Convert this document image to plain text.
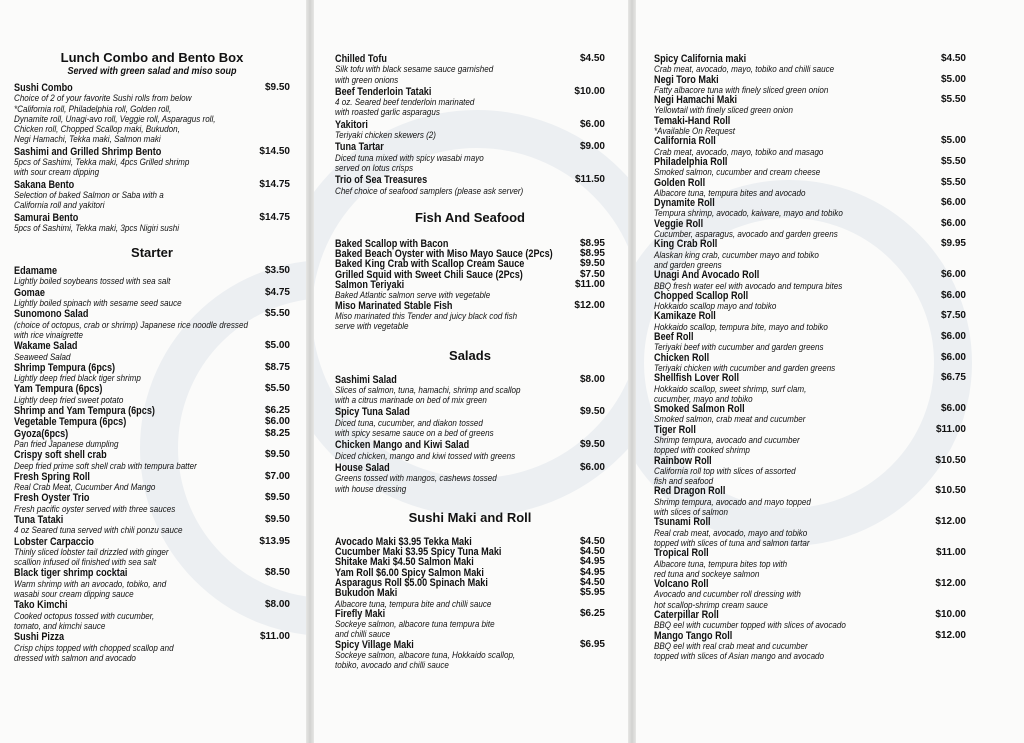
Lunch Combo and Bento Box
Served with green salad and miso soup
Sushi Combo	$9.50
Choice of 2 of your favorite Sushi rolls from below
*California roll, Philadelphia roll, Golden roll,
Dynamite roll, Unagi-avo roll, Veggie roll, Asparagus roll,
Chicken roll, Chopped Scallop maki, Bukudon,
Negi Hamachi, Tekka maki, Salmon maki
Sashimi and Grilled Shrimp Bento	$14.50
5pcs of Sashimi, Tekka maki, 4pcs Grilled shrimp
with sour cream dipping
Sakana Bento	$14.75
Selection of baked Salmon or Saba with a
California roll and yakitori
Samurai Bento	$14.75
5pcs of Sashimi, Tekka maki, 3pcs Nigiri sushi
Starter
Edamame	$3.50
Lightly boiled soybeans tossed with sea salt
Gomae	$4.75
Lightly boiled spinach with sesame seed sauce
Sunomono Salad	$5.50
(choice of octopus, crab or shrimp) Japanese rice noodle dressed
with rice vinaigrette
Wakame Salad	$5.00
Seaweed Salad
Shrimp Tempura (6pcs)	$8.75
Lightly deep fried black tiger shrimp
Yam Tempura (6pcs)	$5.50
Lightly deep fried sweet potato
Shrimp and Yam Tempura (6pcs)	$6.25
Vegetable Tempura (6pcs)	$6.00
Gyoza(6pcs)	$8.25
Pan fried Japanese dumpling
Crispy soft shell crab	$9.50
Deep fried prime soft shell crab with tempura batter
Fresh Spring Roll	$7.00
Real Crab Meat, Cucumber And Mango
Fresh Oyster Trio	$9.50
Fresh pacific oyster served with three sauces
Tuna Tataki	$9.50
4 oz Seared tuna served with chili ponzu sauce
Lobster Carpaccio	$13.95
Thinly sliced lobster tail drizzled with ginger
scallion infused oil finished with sea salt
Black tiger shrimp cocktai	$8.50
Warm shrimp with an avocado, tobiko, and
wasabi sour cream dipping sauce
Tako Kimchi	$8.00
Cooked octopus tossed with cucumber,
tomato, and kimchi sauce
Sushi Pizza	$11.00
Crisp chips topped with chopped scallop and
dressed with salmon and avocado
Chilled Tofu	$4.50
Silk tofu with black sesame sauce garnished
with green onions
Beef Tenderloin Tataki	$10.00
4 oz. Seared beef tenderloin marinated
with roasted garlic asparagus
Yakitori	$6.00
Teriyaki chicken skewers (2)
Tuna Tartar	$9.00
Diced tuna mixed with spicy wasabi mayo
served on lotus crisps
Trio of Sea Treasures	$11.50
Chef choice of seafood samplers (please ask server)
Fish And Seafood
Baked Scallop with Bacon	$8.95
Baked Beach Oyster with Miso Mayo Sauce (2Pcs)	$8.95
Baked King Crab with Scallop Cream Sauce	$9.50
Grilled Squid with Sweet Chili Sauce (2Pcs)	$7.50
Salmon Teriyaki	$11.00
Baked Atlantic salmon serve with vegetable
Miso Marinated Stable Fish	$12.00
Miso marinated this Tender and juicy black cod fish
serve with vegetable
Salads
Sashimi Salad	$8.00
Slices of salmon, tuna, hamachi, shrimp and scallop
with a citrus marinade on bed of mix green
Spicy Tuna Salad	$9.50
Diced tuna, cucumber, and diakon tossed
with spicy sesame sauce on a bed of greens
Chicken Mango and Kiwi Salad	$9.50
Diced chicken, mango and kiwi tossed with greens
House Salad	$6.00
Greens tossed with mangos, cashews tossed
with house dressing
Sushi Maki and Roll
Avocado Maki $3.95 Tekka Maki	$4.50
Cucumber Maki $3.95 Spicy Tuna Maki	$4.50
Shitake Maki $4.50 Salmon Maki	$4.95
Yam Roll $6.00 Spicy Salmon Maki	$4.95
Asparagus Roll $5.00 Spinach Maki	$4.50
Bukudon Maki	$5.95
Albacore tuna, tempura bite and chilli sauce
Firefly Maki	$6.25
Sockeye salmon, albacore tuna tempura bite
and chilli sauce
Spicy Village Maki	$6.95
Sockeye salmon, albacore tuna, Hokkaido scallop,
tobiko, avocado and chilli sauce
Spicy California maki	$4.50
Crab meat, avocado, mayo, tobiko and chilli sauce
Negi Toro Maki	$5.00
Fatty albacore tuna with finely sliced green onion
Negi Hamachi Maki	$5.50
Yellowtail with finely sliced green onion
Temaki-Hand Roll
*Available On Request
California Roll	$5.00
Crab meat, avocado, mayo, tobiko and masago
Philadelphia Roll	$5.50
Smoked salmon, cucumber and cream cheese
Golden Roll	$5.50
Albacore tuna, tempura bites and avocado
Dynamite Roll	$6.00
Tempura shrimp, avocado, kaiware, mayo and tobiko
Veggie Roll	$6.00
Cucumber, asparagus, avocado and garden greens
King Crab Roll	$9.95
Alaskan king crab, cucumber mayo and tobiko
and garden greens
Unagi And Avocado Roll	$6.00
BBQ fresh water eel with avocado and tempura bites
Chopped Scallop Roll	$6.00
Hokkaido scallop mayo and tobiko
Kamikaze Roll	$7.50
Hokkaido scallop, tempura bite, mayo and tobiko
Beef Roll	$6.00
Teriyaki beef with cucumber and garden greens
Chicken Roll	$6.00
Teriyaki chicken with cucumber and garden greens
Shellfish Lover Roll	$6.75
Hokkaido scallop, sweet shrimp, surf clam,
cucumber, mayo and tobiko
Smoked Salmon Roll	$6.00
Smoked salmon, crab meat and cucumber
Tiger Roll	$11.00
Shrimp tempura, avocado and cucumber
topped with cooked shrimp
Rainbow Roll	$10.50
California roll top with slices of assorted
fish and seafood
Red Dragon Roll	$10.50
Shrimp tempura, avocado and mayo topped
with slices of salmon
Tsunami Roll	$12.00
Real crab meat, avocado, mayo and tobiko
topped with slices of tuna and salmon tartar
Tropical Roll	$11.00
Albacore tuna, tempura bites top with
red tuna and sockeye salmon
Volcano Roll	$12.00
Avocado and cucumber roll dressing with
hot scallop-shrimp cream sauce
Caterpillar Roll	$10.00
BBQ eel with cucumber topped with slices of avocado
Mango Tango Roll	$12.00
BBQ eel with real crab meat and cucumber
topped with slices of Asian mango and avocado
